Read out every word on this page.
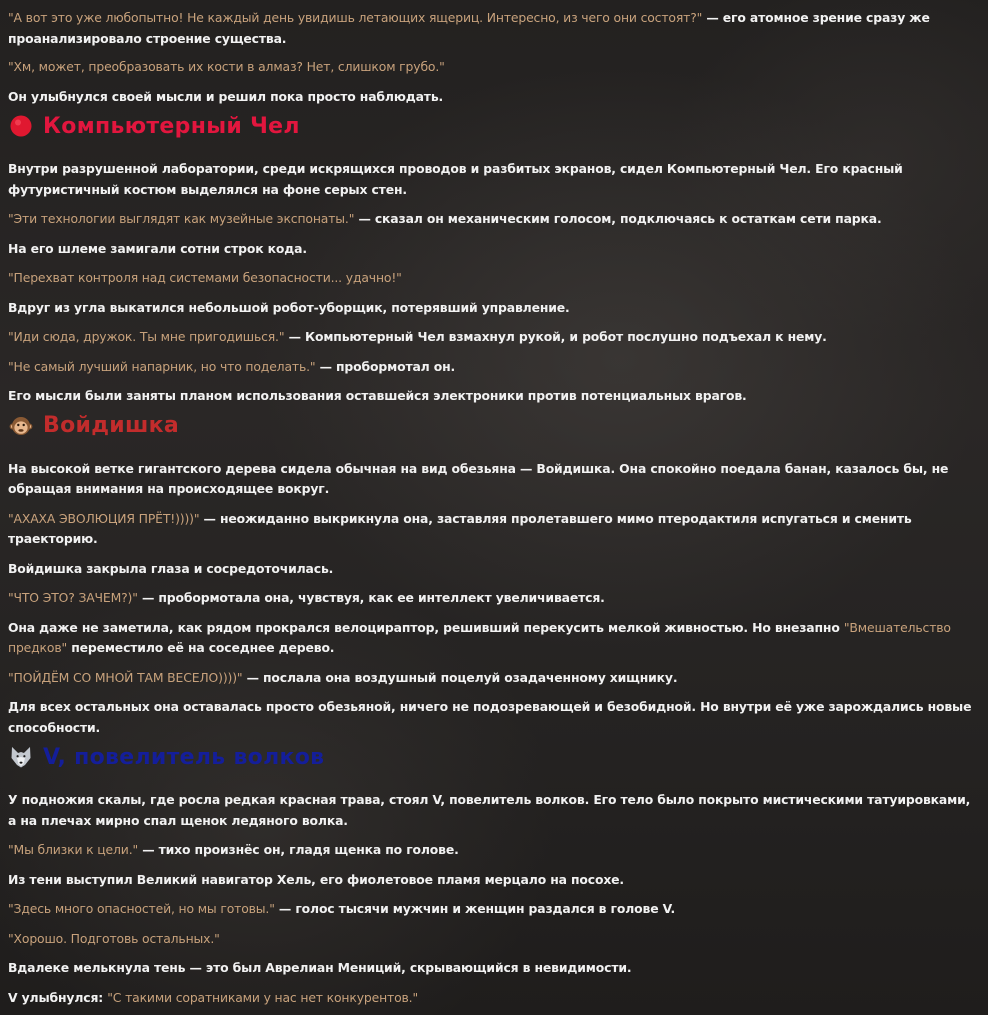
"А вот это уже любопытно! Не каждый день увидишь летающих ящериц. Интересно, из чего они состоят?" — его атомное зрение сразу же проанализировало строение существа.

"Хм, может, преобразовать их кости в алмаз? Нет, слишком грубо."

Он улыбнулся своей мысли и решил пока просто наблюдать.

Компьютерный Чел

Внутри разрушенной лаборатории, среди искрящихся проводов и разбитых экранов, сидел Компьютерный Чел. Его красный футуристичный костюм выделялся на фоне серых стен.

"Эти технологии выглядят как музейные экспонаты." — сказал он механическим голосом, подключаясь к остаткам сети парка.

На его шлеме замигали сотни строк кода.

"Перехват контроля над системами безопасности... удачно!"

Вдруг из угла выкатился небольшой робот-уборщик, потерявший управление.

"Иди сюда, дружок. Ты мне пригодишься." — Компьютерный Чел взмахнул рукой, и робот послушно подъехал к нему.

"Не самый лучший напарник, но что поделать." — пробормотал он.

Его мысли были заняты планом использования оставшейся электроники против потенциальных врагов.

Войдишка

На высокой ветке гигантского дерева сидела обычная на вид обезьяна — Войдишка. Она спокойно поедала банан, казалось бы, не обращая внимания на происходящее вокруг.

"АХАХА ЭВОЛЮЦИЯ ПРЁТ!))))" — неожиданно выкрикнула она, заставляя пролетавшего мимо птеродактиля испугаться и сменить траекторию.

Войдишка закрыла глаза и сосредоточилась.

"ЧТО ЭТО? ЗАЧЕМ?)" — пробормотала она, чувствуя, как ее интеллект увеличивается.

Она даже не заметила, как рядом прокрался велоцираптор, решивший перекусить мелкой живностью. Но внезапно "Вмешательство предков" переместило её на соседнее дерево.

"ПОЙДЁМ СО МНОЙ ТАМ ВЕСЕЛО))))" — послала она воздушный поцелуй озадаченному хищнику.

Для всех остальных она оставалась просто обезьяной, ничего не подозревающей и безобидной. Но внутри её уже зарождались новые способности.

V, повелитель волков

У подножия скалы, где росла редкая красная трава, стоял V, повелитель волков. Его тело было покрыто мистическими татуировками, а на плечах мирно спал щенок ледяного волка.

"Мы близки к цели." — тихо произнёс он, гладя щенка по голове.

Из тени выступил Великий навигатор Хель, его фиолетовое пламя мерцало на посохе.

"Здесь много опасностей, но мы готовы." — голос тысячи мужчин и женщин раздался в голове V.

"Хорошо. Подготовь остальных."

Вдалеке мелькнула тень — это был Аврелиан Мениций, скрывающийся в невидимости.

V улыбнулся: "С такими соратниками у нас нет конкурентов."
